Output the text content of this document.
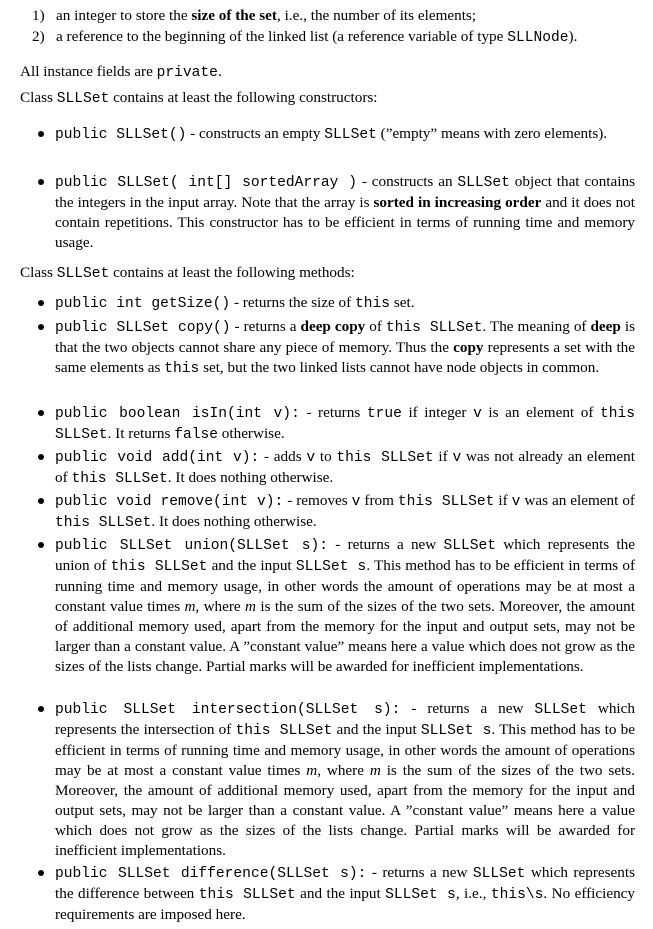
1) an integer to store the size of the set, i.e., the number of its elements;
2) a reference to the beginning of the linked list (a reference variable of type SLLNode).
All instance fields are private.
Class SLLSet contains at least the following constructors:
public SLLSet() - constructs an empty SLLSet (”empty” means with zero elements).
public SLLSet( int[] sortedArray ) - constructs an SLLSet object that contains the integers in the input array. Note that the array is sorted in increasing order and it does not contain repetitions. This constructor has to be efficient in terms of running time and memory usage.
Class SLLSet contains at least the following methods:
public int getSize() - returns the size of this set.
public SLLSet copy() - returns a deep copy of this SLLSet. The meaning of deep is that the two objects cannot share any piece of memory. Thus the copy represents a set with the same elements as this set, but the two linked lists cannot have node objects in common.
public boolean isIn(int v): - returns true if integer v is an element of this SLLSet. It returns false otherwise.
public void add(int v): - adds v to this SLLSet if v was not already an element of this SLLSet. It does nothing otherwise.
public void remove(int v): - removes v from this SLLSet if v was an element of this SLLSet. It does nothing otherwise.
public SLLSet union(SLLSet s): - returns a new SLLSet which represents the union of this SLLSet and the input SLLSet s. This method has to be efficient in terms of running time and memory usage, in other words the amount of operations may be at most a constant value times m, where m is the sum of the sizes of the two sets. Moreover, the amount of additional memory used, apart from the memory for the input and output sets, may not be larger than a constant value. A ”constant value” means here a value which does not grow as the sizes of the lists change. Partial marks will be awarded for inefficient implementations.
public SLLSet intersection(SLLSet s): - returns a new SLLSet which represents the intersection of this SLLSet and the input SLLSet s. This method has to be efficient in terms of running time and memory usage, in other words the amount of operations may be at most a constant value times m, where m is the sum of the sizes of the two sets. Moreover, the amount of additional memory used, apart from the memory for the input and output sets, may not be larger than a constant value. A ”constant value” means here a value which does not grow as the sizes of the lists change. Partial marks will be awarded for inefficient implementations.
public SLLSet difference(SLLSet s): - returns a new SLLSet which represents the difference between this SLLSet and the input SLLSet s, i.e., this\s. No efficiency requirements are imposed here.
